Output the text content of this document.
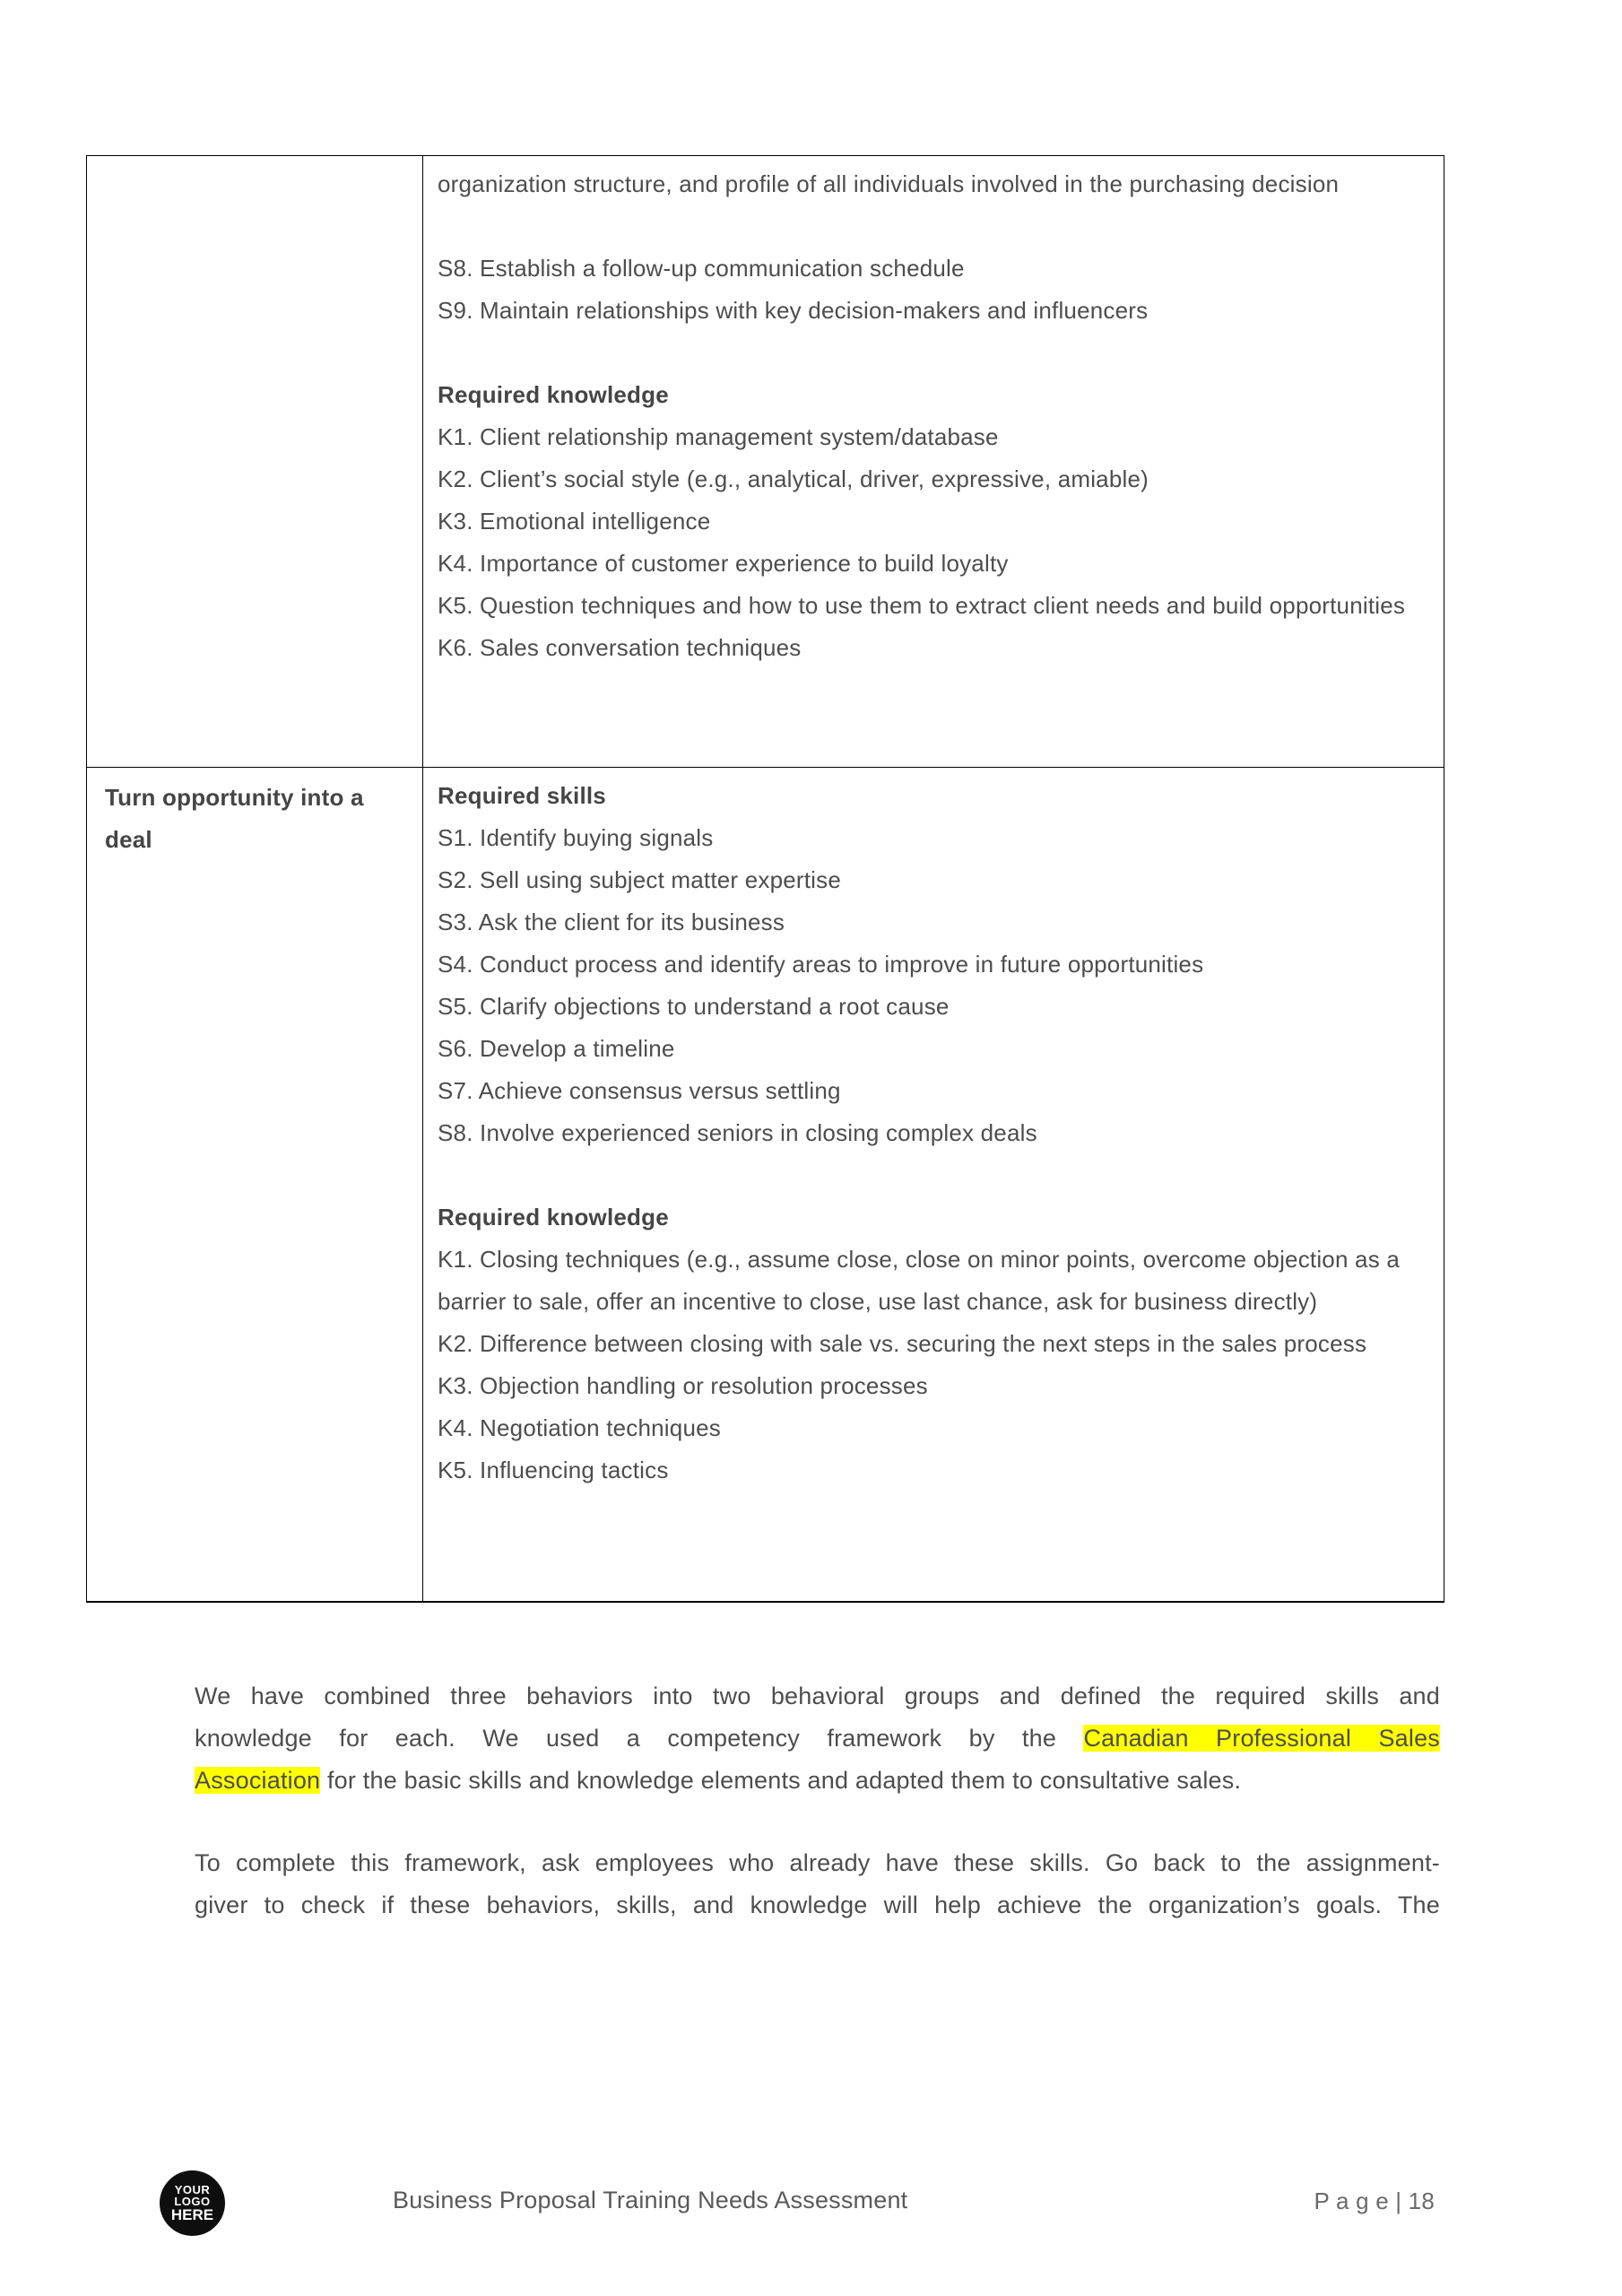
organization structure, and profile of all individuals involved in the purchasing decision
S8. Establish a follow-up communication schedule
S9. Maintain relationships with key decision-makers and influencers
Required knowledge
K1. Client relationship management system/database
K2. Client’s social style (e.g., analytical, driver, expressive, amiable)
K3. Emotional intelligence
K4. Importance of customer experience to build loyalty
K5. Question techniques and how to use them to extract client needs and build opportunities
K6. Sales conversation techniques
Turn opportunity into a deal
Required skills
S1. Identify buying signals
S2. Sell using subject matter expertise
S3. Ask the client for its business
S4. Conduct process and identify areas to improve in future opportunities
S5. Clarify objections to understand a root cause
S6. Develop a timeline
S7. Achieve consensus versus settling
S8. Involve experienced seniors in closing complex deals
Required knowledge
K1. Closing techniques (e.g., assume close, close on minor points, overcome objection as a barrier to sale, offer an incentive to close, use last chance, ask for business directly)
K2. Difference between closing with sale vs. securing the next steps in the sales process
K3. Objection handling or resolution processes
K4. Negotiation techniques
K5. Influencing tactics
We have combined three behaviors into two behavioral groups and defined the required skills and
knowledge for each. We used a competency framework by the Canadian Professional Sales
Association for the basic skills and knowledge elements and adapted them to consultative sales.
To complete this framework, ask employees who already have these skills. Go back to the assignment-
giver to check if these behaviors, skills, and knowledge will help achieve the organization’s goals. The
YOUR
LOGO
HERE
Business Proposal Training Needs Assessment	P a g e | 18
